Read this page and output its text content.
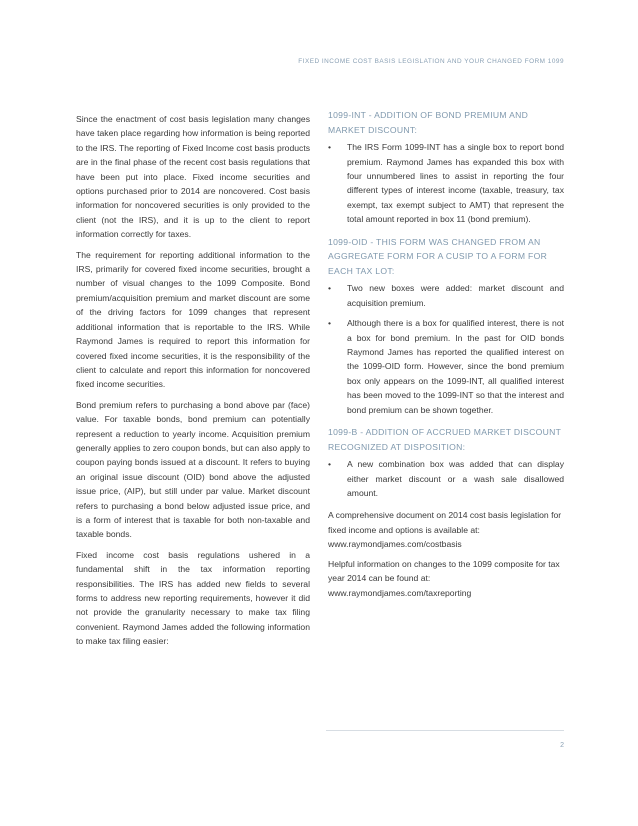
FIXED INCOME COST BASIS LEGISLATION AND YOUR CHANGED FORM 1099

Since the enactment of cost basis legislation many changes have taken place regarding how information is being reported to the IRS. The reporting of Fixed Income cost basis products are in the final phase of the recent cost basis regulations that have been put into place. Fixed income securities and options purchased prior to 2014 are noncovered. Cost basis information for noncovered securities is only provided to the client (not the IRS), and it is up to the client to report information correctly for taxes.

The requirement for reporting additional information to the IRS, primarily for covered fixed income securities, brought a number of visual changes to the 1099 Composite. Bond premium/acquisition premium and market discount are some of the driving factors for 1099 changes that represent additional information that is reportable to the IRS. While Raymond James is required to report this information for covered fixed income securities, it is the responsibility of the client to calculate and report this information for noncovered fixed income securities.

Bond premium refers to purchasing a bond above par (face) value. For taxable bonds, bond premium can potentially represent a reduction to yearly income. Acquisition premium generally applies to zero coupon bonds, but can also apply to coupon paying bonds issued at a discount. It refers to buying an original issue discount (OID) bond above the adjusted issue price, (AIP), but still under par value. Market discount refers to purchasing a bond below adjusted issue price, and is a form of interest that is taxable for both non-taxable and taxable bonds.

Fixed income cost basis regulations ushered in a fundamental shift in the tax information reporting responsibilities. The IRS has added new fields to several forms to address new reporting requirements, however it did not provide the granularity necessary to make tax filing convenient. Raymond James added the following information to make tax filing easier:

1099-INT - ADDITION OF BOND PREMIUM AND MARKET DISCOUNT:
•	The IRS Form 1099-INT has a single box to report bond premium. Raymond James has expanded this box with four unnumbered lines to assist in reporting the four different types of interest income (taxable, treasury, tax exempt, tax exempt subject to AMT) that represent the total amount reported in box 11 (bond premium).
1099-OID - THIS FORM WAS CHANGED FROM AN AGGREGATE FORM FOR A CUSIP TO A FORM FOR EACH TAX LOT:
•	Two new boxes were added: market discount and acquisition premium.
•	Although there is a box for qualified interest, there is not a box for bond premium. In the past for OID bonds Raymond James has reported the qualified interest on the 1099-OID form. However, since the bond premium box only appears on the 1099-INT, all qualified interest has been moved to the 1099-INT so that the interest and bond premium can be shown together.
1099-B - ADDITION OF ACCRUED MARKET DISCOUNT RECOGNIZED AT DISPOSITION:
•	A new combination box was added that can display either market discount or a wash sale disallowed amount.

A comprehensive document on 2014 cost basis legislation for fixed income and options is available at: www.raymondjames.com/costbasis

Helpful information on changes to the 1099 composite for tax year 2014 can be found at: www.raymondjames.com/taxreporting

2
